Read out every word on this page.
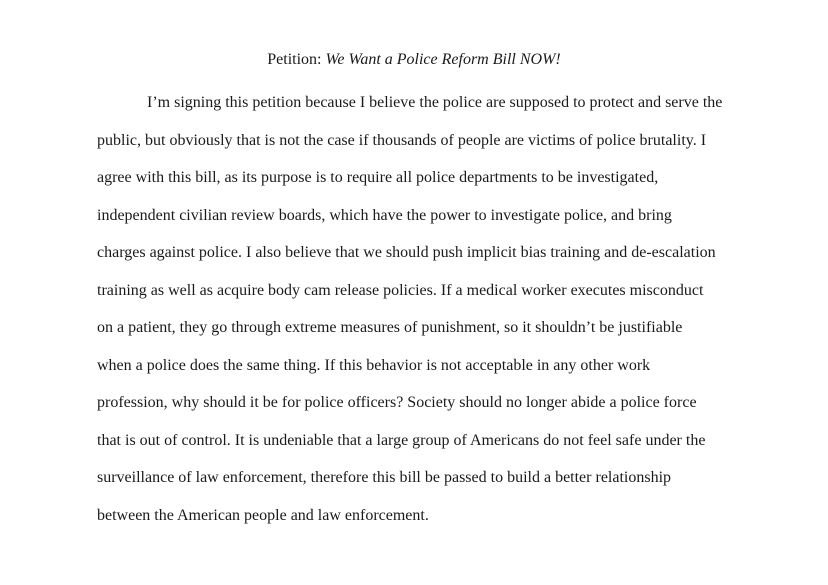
Petition: We Want a Police Reform Bill NOW!
I’m signing this petition because I believe the police are supposed to protect and serve the
public, but obviously that is not the case if thousands of people are victims of police brutality. I
agree with this bill, as its purpose is to require all police departments to be investigated,
independent civilian review boards, which have the power to investigate police, and bring
charges against police. I also believe that we should push implicit bias training and de-escalation
training as well as acquire body cam release policies. If a medical worker executes misconduct
on a patient, they go through extreme measures of punishment, so it shouldn’t be justifiable
when a police does the same thing. If this behavior is not acceptable in any other work
profession, why should it be for police officers? Society should no longer abide a police force
that is out of control. It is undeniable that a large group of Americans do not feel safe under the
surveillance of law enforcement, therefore this bill be passed to build a better relationship
between the American people and law enforcement.
